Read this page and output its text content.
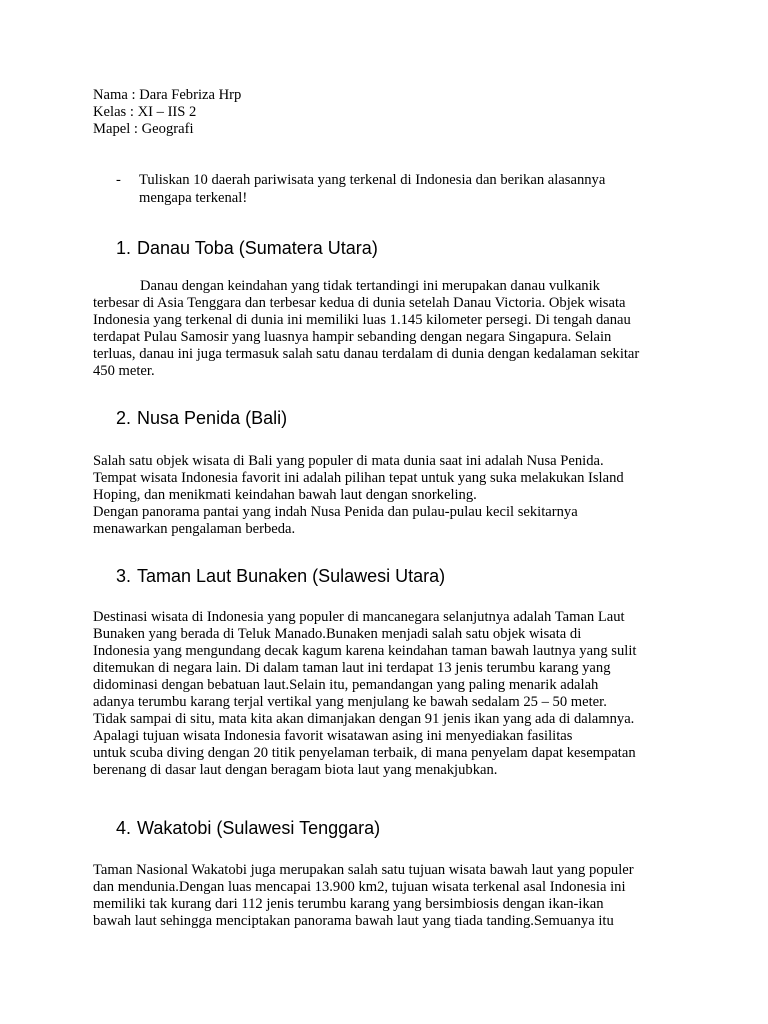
Nama : Dara Febriza Hrp
Kelas : XI – IIS 2
Mapel : Geografi
- Tuliskan 10 daerah pariwisata yang terkenal di Indonesia dan berikan alasannya
mengapa terkenal!
1. Danau Toba (Sumatera Utara)
Danau dengan keindahan yang tidak tertandingi ini merupakan danau vulkanik
terbesar di Asia Tenggara dan terbesar kedua di dunia setelah Danau Victoria. Objek wisata
Indonesia yang terkenal di dunia ini memiliki luas 1.145 kilometer persegi. Di tengah danau
terdapat Pulau Samosir yang luasnya hampir sebanding dengan negara Singapura. Selain
terluas, danau ini juga termasuk salah satu danau terdalam di dunia dengan kedalaman sekitar
450 meter.
2. Nusa Penida (Bali)
Salah satu objek wisata di Bali yang populer di mata dunia saat ini adalah Nusa Penida.
Tempat wisata Indonesia favorit ini adalah pilihan tepat untuk yang suka melakukan Island
Hoping, dan menikmati keindahan bawah laut dengan snorkeling.
Dengan panorama pantai yang indah Nusa Penida dan pulau-pulau kecil sekitarnya
menawarkan pengalaman berbeda.
3. Taman Laut Bunaken (Sulawesi Utara)
Destinasi wisata di Indonesia yang populer di mancanegara selanjutnya adalah Taman Laut
Bunaken yang berada di Teluk Manado.Bunaken menjadi salah satu objek wisata di
Indonesia yang mengundang decak kagum karena keindahan taman bawah lautnya yang sulit
ditemukan di negara lain. Di dalam taman laut ini terdapat 13 jenis terumbu karang yang
didominasi dengan bebatuan laut.Selain itu, pemandangan yang paling menarik adalah
adanya terumbu karang terjal vertikal yang menjulang ke bawah sedalam 25 – 50 meter.
Tidak sampai di situ, mata kita akan dimanjakan dengan 91 jenis ikan yang ada di dalamnya.
Apalagi tujuan wisata Indonesia favorit wisatawan asing ini menyediakan fasilitas
untuk scuba diving dengan 20 titik penyelaman terbaik, di mana penyelam dapat kesempatan
berenang di dasar laut dengan beragam biota laut yang menakjubkan.
4. Wakatobi (Sulawesi Tenggara)
Taman Nasional Wakatobi juga merupakan salah satu tujuan wisata bawah laut yang populer
dan mendunia.Dengan luas mencapai 13.900 km2, tujuan wisata terkenal asal Indonesia ini
memiliki tak kurang dari 112 jenis terumbu karang yang bersimbiosis dengan ikan-ikan
bawah laut sehingga menciptakan panorama bawah laut yang tiada tanding.Semuanya itu
